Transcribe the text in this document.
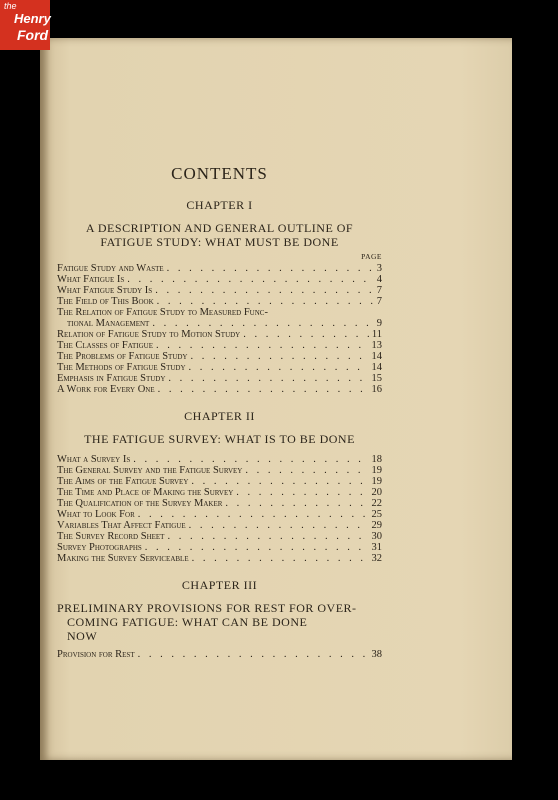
the
Henry
Ford
CONTENTS
CHAPTER I
A DESCRIPTION AND GENERAL OUTLINE OF
FATIGUE STUDY: WHAT MUST BE DONE
PAGE
Fatigue Study and Waste . . .	3
What Fatigue Is . . .	4
What Fatigue Study Is . . .	7
The Field of This Book . . .	7
The Relation of Fatigue Study to Measured Func-
tional Management . . .	9
Relation of Fatigue Study to Motion Study . . .	11
The Classes of Fatigue . . .	13
The Problems of Fatigue Study . . .	14
The Methods of Fatigue Study . . .	14
Emphasis in Fatigue Study . . .	15
A Work for Every One . . .	16
CHAPTER II
THE FATIGUE SURVEY: WHAT IS TO BE DONE
What a Survey Is . . .	18
The General Survey and the Fatigue Survey . . .	19
The Aims of the Fatigue Survey . . .	19
The Time and Place of Making the Survey . . .	20
The Qualification of the Survey Maker . . .	22
What to Look For . . .	25
Variables That Affect Fatigue . . .	29
The Survey Record Sheet . . .	30
Survey Photographs . . .	31
Making the Survey Serviceable . . .	32
CHAPTER III
PRELIMINARY PROVISIONS FOR REST FOR OVER-
COMING FATIGUE: WHAT CAN BE DONE
NOW
Provision for Rest . . .	38
